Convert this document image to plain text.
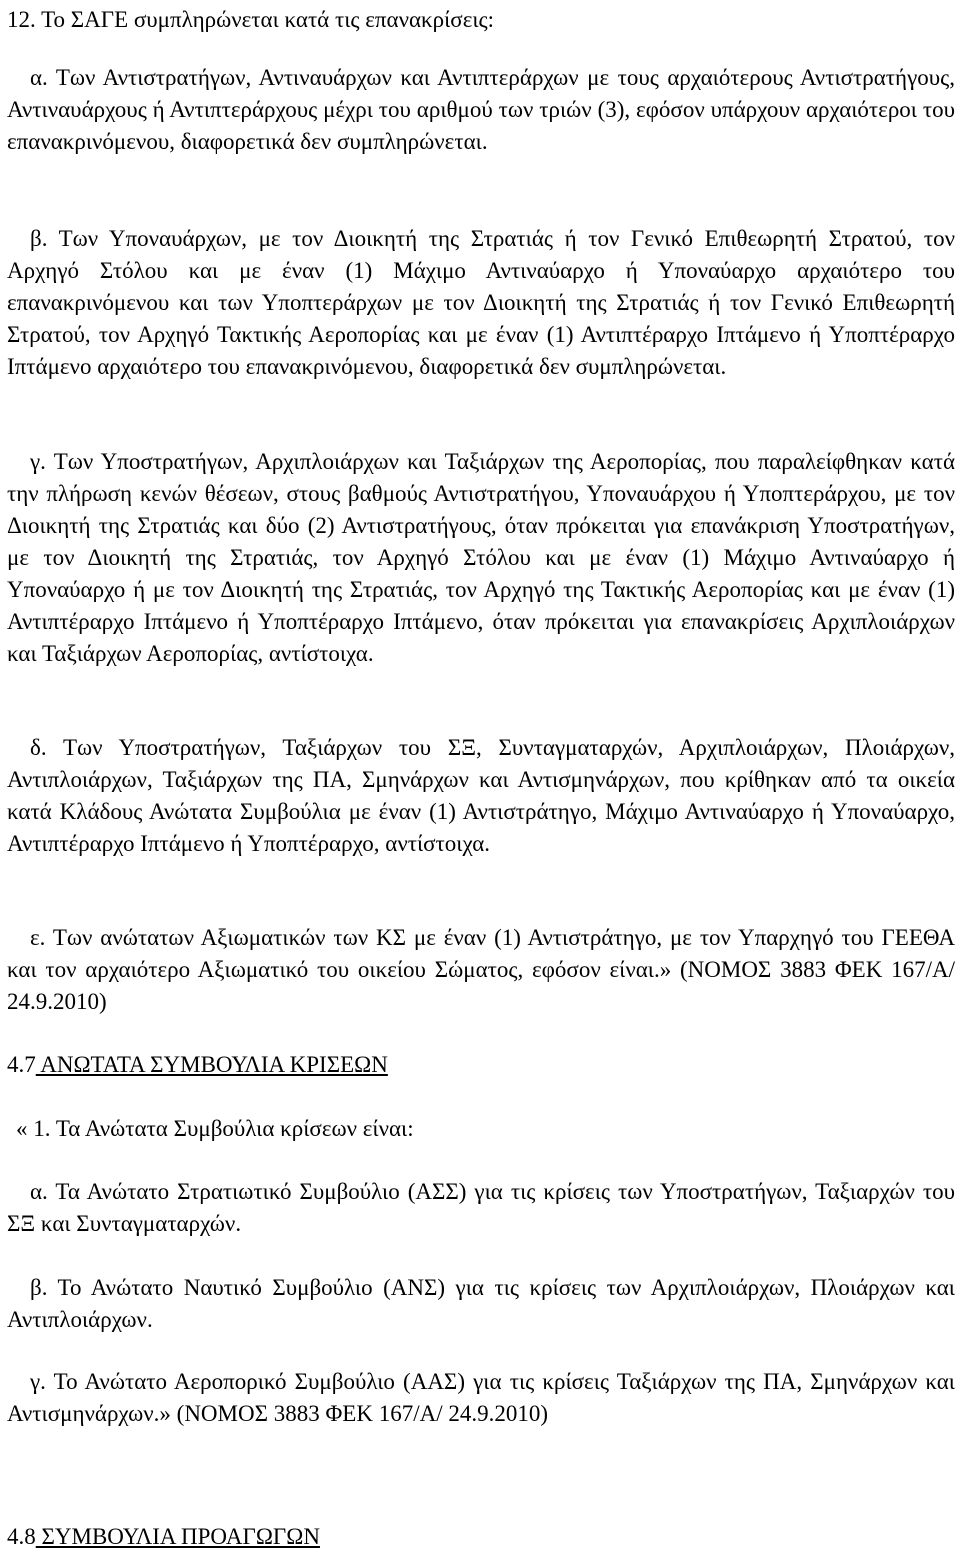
12. Το ΣΑΓΕ συμπληρώνεται κατά τις επανακρίσεις:
α. Των Αντιστρατήγων, Αντιναυάρχων και Αντιπτεράρχων με τους αρχαιότερους Αντιστρατήγους, Αντιναυάρχους ή Αντιπτεράρχους μέχρι του αριθμού των τριών (3), εφόσον υπάρχουν αρχαιότεροι του επανακρινόμενου, διαφορετικά δεν συμπληρώνεται.
β. Των Υποναυάρχων, με τον Διοικητή της Στρατιάς ή τον Γενικό Επιθεωρητή Στρατού, τον Αρχηγό Στόλου και με έναν (1) Μάχιμο Αντιναύαρχο ή Υποναύαρχο αρχαιότερο του επανακρινόμενου και των Υποπτεράρχων με τον Διοικητή της Στρατιάς ή τον Γενικό Επιθεωρητή Στρατού, τον Αρχηγό Τακτικής Αεροπορίας και με έναν (1) Αντιπτέραρχο Ιπτάμενο ή Υποπτέραρχο Ιπτάμενο αρχαιότερο του επανακρινόμενου, διαφορετικά δεν συμπληρώνεται.
γ. Των Υποστρατήγων, Αρχιπλοιάρχων και Ταξιάρχων της Αεροπορίας, που παραλείφθηκαν κατά την πλήρωση κενών θέσεων, στους βαθμούς Αντιστρατήγου, Υποναυάρχου ή Υποπτεράρχου, με τον Διοικητή της Στρατιάς και δύο (2) Αντιστρατήγους, όταν πρόκειται για επανάκριση Υποστρατήγων, με τον Διοικητή της Στρατιάς, τον Αρχηγό Στόλου και με έναν (1) Μάχιμο Αντιναύαρχο ή Υποναύαρχο ή με τον Διοικητή της Στρατιάς, τον Αρχηγό της Τακτικής Αεροπορίας και με έναν (1) Αντιπτέραρχο Ιπτάμενο ή Υποπτέραρχο Ιπτάμενο, όταν πρόκειται για επανακρίσεις Αρχιπλοιάρχων και Ταξιάρχων Αεροπορίας, αντίστοιχα.
δ. Των Υποστρατήγων, Ταξιάρχων του ΣΞ, Συνταγματαρχών, Αρχιπλοιάρχων, Πλοιάρχων, Αντιπλοιάρχων, Ταξιάρχων της ΠΑ, Σμηνάρχων και Αντισμηνάρχων, που κρίθηκαν από τα οικεία κατά Κλάδους Ανώτατα Συμβούλια με έναν (1) Αντιστράτηγο, Μάχιμο Αντιναύαρχο ή Υποναύαρχο, Αντιπτέραρχο Ιπτάμενο ή Υποπτέραρχο, αντίστοιχα.
ε. Των ανώτατων Αξιωματικών των ΚΣ με έναν (1) Αντιστράτηγο, με τον Υπαρχηγό του ΓΕΕΘΑ και τον αρχαιότερο Αξιωματικό του οικείου Σώματος, εφόσον είναι.» (ΝΟΜΟΣ 3883 ΦΕΚ 167/Α/ 24.9.2010)
4.7 ΑΝΩΤΑΤΑ ΣΥΜΒΟΥΛΙΑ ΚΡΙΣΕΩΝ
« 1. Τα Ανώτατα Συμβούλια κρίσεων είναι:
α. Τα Ανώτατο Στρατιωτικό Συμβούλιο (ΑΣΣ) για τις κρίσεις των Υποστρατήγων, Ταξιαρχών του ΣΞ και Συνταγματαρχών.
β. Το Ανώτατο Ναυτικό Συμβούλιο (ΑΝΣ) για τις κρίσεις των Αρχιπλοιάρχων, Πλοιάρχων και Αντιπλοιάρχων.
γ. Το Ανώτατο Αεροπορικό Συμβούλιο (ΑΑΣ) για τις κρίσεις Ταξιάρχων της ΠΑ, Σμηνάρχων και Αντισμηνάρχων.» (ΝΟΜΟΣ 3883 ΦΕΚ 167/Α/ 24.9.2010)
4.8 ΣΥΜΒΟΥΛΙΑ ΠΡΟΑΓΩΓΩΝ
